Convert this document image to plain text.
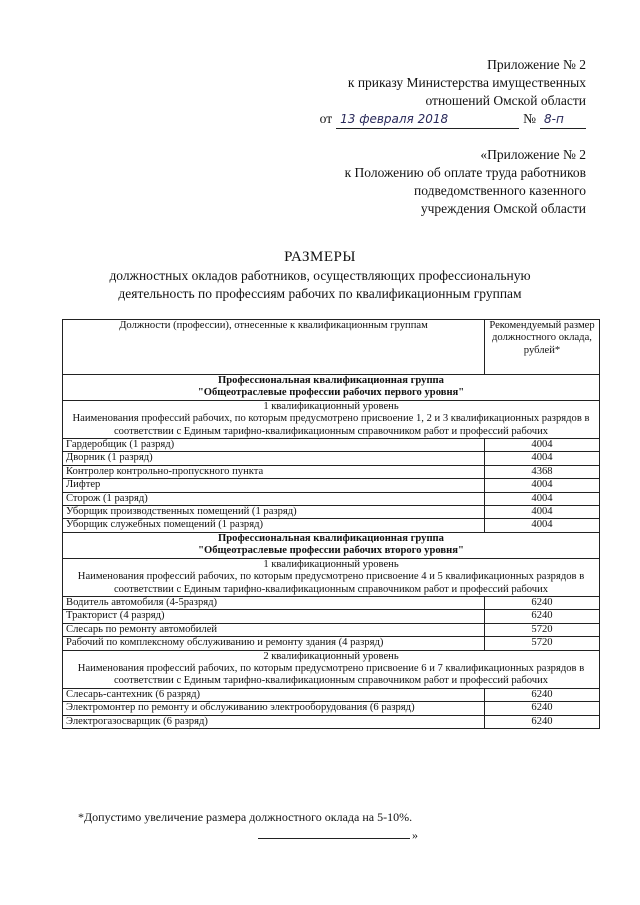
Приложение № 2
к приказу Министерства имущественных
отношений Омской области
от 13 февраля 2018	№ 8-п
«Приложение № 2
к Положению об оплате труда работников
подведомственного казенного
учреждения Омской области
РАЗМЕРЫ
должностных окладов работников, осуществляющих профессиональную
деятельность по профессиям рабочих по квалификационным группам
Должности (профессии), отнесенные к квалификационным группам	Рекомендуемый размер должностного оклада, рублей*

Профессиональная квалификационная группа
"Общеотраслевые профессии рабочих первого уровня"	

1 квалификационный уровень
Наименования профессий рабочих, по которым предусмотрено присвоение 1, 2 и 3 квалификационных разрядов в соответствии с Единым тарифно-квалификационным справочником работ и профессий рабочих	

Гардеробщик (1 разряд)	4004
Дворник (1 разряд)	4004
Контролер контрольно-пропускного пункта	4368
Лифтер	4004
Сторож (1 разряд)	4004
Уборщик производственных помещений (1 разряд)	4004
Уборщик служебных помещений (1 разряд)	4004

Профессиональная квалификационная группа
"Общеотраслевые профессии рабочих второго уровня"	

1 квалификационный уровень
Наименования профессий рабочих, по которым предусмотрено присвоение 4 и 5 квалификационных разрядов в соответствии с Единым тарифно-квалификационным справочником работ и профессий рабочих	

Водитель автомобиля (4-5разряд)	6240
Тракторист (4 разряд)	6240
Слесарь по ремонту автомобилей	5720
Рабочий по комплексному обслуживанию и ремонту здания (4 разряд)	5720

2 квалификационный уровень
Наименования профессий рабочих, по которым предусмотрено присвоение 6 и 7 квалификационных разрядов в соответствии с Единым тарифно-квалификационным справочником работ и профессий рабочих	

Слесарь-сантехник (6 разряд)	6240
Электромонтер по ремонту и обслуживанию электрооборудования (6 разряд)	6240
Электрогазосварщик (6 разряд)	6240
*Допустимо увеличение размера должностного оклада на 5-10%.
»
